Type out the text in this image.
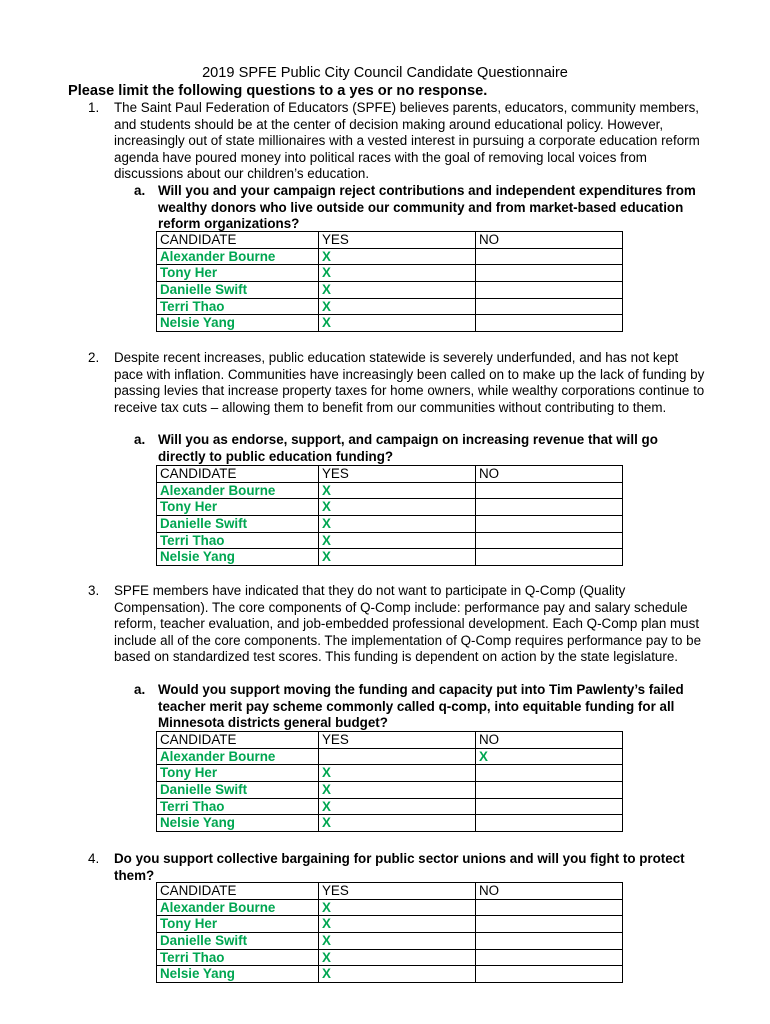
2019 SPFE Public City Council Candidate Questionnaire
Please limit the following questions to a yes or no response.
1. The Saint Paul Federation of Educators (SPFE) believes parents, educators, community members, and students should be at the center of decision making around educational policy. However, increasingly out of state millionaires with a vested interest in pursuing a corporate education reform agenda have poured money into political races with the goal of removing local voices from discussions about our children’s education.
a. Will you and your campaign reject contributions and independent expenditures from wealthy donors who live outside our community and from market-based education reform organizations?
CANDIDATE	YES	NO
Alexander Bourne	X	
Tony Her	X	
Danielle Swift	X	
Terri Thao	X	
Nelsie Yang	X	
2. Despite recent increases, public education statewide is severely underfunded, and has not kept pace with inflation. Communities have increasingly been called on to make up the lack of funding by passing levies that increase property taxes for home owners, while wealthy corporations continue to receive tax cuts – allowing them to benefit from our communities without contributing to them.
a. Will you as endorse, support, and campaign on increasing revenue that will go directly to public education funding?
CANDIDATE	YES	NO
Alexander Bourne	X	
Tony Her	X	
Danielle Swift	X	
Terri Thao	X	
Nelsie Yang	X	
3. SPFE members have indicated that they do not want to participate in Q-Comp (Quality Compensation). The core components of Q-Comp include: performance pay and salary schedule reform, teacher evaluation, and job-embedded professional development. Each Q-Comp plan must include all of the core components. The implementation of Q-Comp requires performance pay to be based on standardized test scores. This funding is dependent on action by the state legislature.
a. Would you support moving the funding and capacity put into Tim Pawlenty’s failed teacher merit pay scheme commonly called q-comp, into equitable funding for all Minnesota districts general budget?
CANDIDATE	YES	NO
Alexander Bourne		X
Tony Her	X	
Danielle Swift	X	
Terri Thao	X	
Nelsie Yang	X	
4. Do you support collective bargaining for public sector unions and will you fight to protect them?
CANDIDATE	YES	NO
Alexander Bourne	X	
Tony Her	X	
Danielle Swift	X	
Terri Thao	X	
Nelsie Yang	X	
